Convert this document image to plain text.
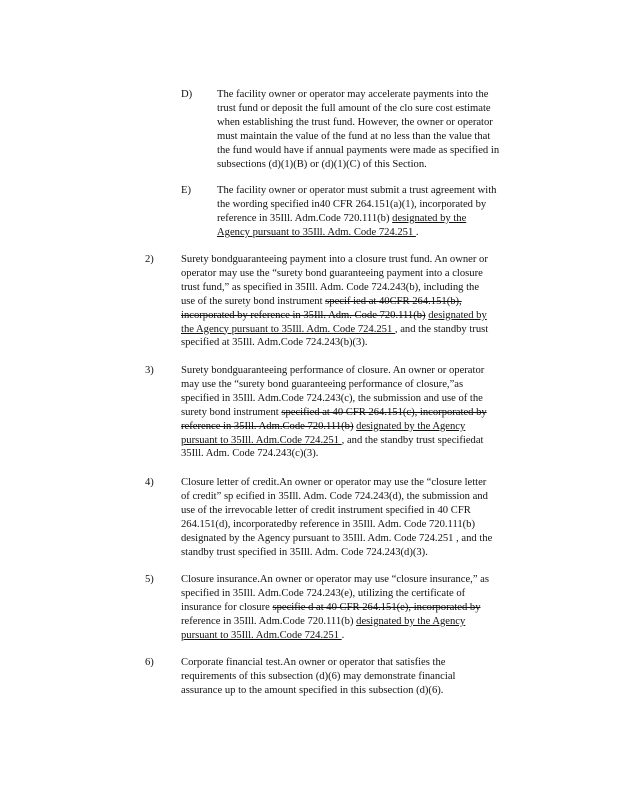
D) The facility owner or operator may accelerate payments into the
trust fund or deposit the full amount of the clo sure cost estimate
when establishing the trust fund. However, the owner or operator
must maintain the value of the fund at no less than the value that
the fund would have if annual payments were made as specified in
subsections (d)(1)(B) or (d)(1)(C) of this Section.
E) The facility owner or operator must submit a trust agreement with
the wording specified in40 CFR 264.151(a)(1), incorporated by
reference in 35Ill. Adm.Code 720.111(b) designated by the
Agency pursuant to 35Ill. Adm. Code 724.251 .
2)	Surety bondguaranteeing payment into a closure trust fund. An owner or
operator may use the “surety bond guaranteeing payment into a closure
trust fund,” as specified in 35Ill. Adm. Code 724.243(b), including the
use of the surety bond instrument specif ied at 40CFR 264.151(b),
incorporated by reference in 35Ill. Adm. Code 720.111(b) designated by
the Agency pursuant to 35Ill. Adm. Code 724.251 , and the standby trust
specified at 35Ill. Adm.Code 724.243(b)(3).
3)	Surety bondguaranteeing performance of closure. An owner or operator
may use the “surety bond guaranteeing performance of closure,”as
specified in 35Ill. Adm.Code 724.243(c), the submission and use of the
surety bond instrument specified at 40 CFR 264.151(c), incorporated by
reference in 35Ill. Adm.Code 720.111(b) designated by the Agency
pursuant to 35Ill. Adm.Code 724.251 , and the standby trust specifiedat
35Ill. Adm. Code 724.243(c)(3).
4)	Closure letter of credit.An owner or operator may use the “closure letter
of credit” sp ecified in 35Ill. Adm. Code 724.243(d), the submission and
use of the irrevocable letter of credit instrument specified in 40 CFR
264.151(d), incorporatedby reference in 35Ill. Adm. Code 720.111(b)
designated by the Agency pursuant to 35Ill. Adm. Code 724.251 , and the
standby trust specified in 35Ill. Adm. Code 724.243(d)(3).
5)	Closure insurance.An owner or operator may use “closure insurance,” as
specified in 35Ill. Adm.Code 724.243(e), utilizing the certificate of
insurance for closure specifie d at 40 CFR 264.151(e), incorporated by
reference in 35Ill. Adm.Code 720.111(b) designated by the Agency
pursuant to 35Ill. Adm.Code 724.251 .
6)	Corporate financial test.An owner or operator that satisfies the
requirements of this subsection (d)(6) may demonstrate financial
assurance up to the amount specified in this subsection (d)(6).
